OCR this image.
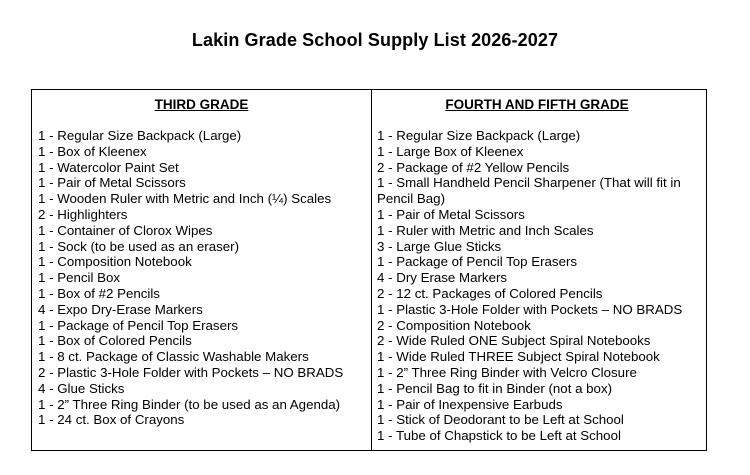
Lakin Grade School Supply List 2026-2027
THIRD GRADE
1 - Regular Size Backpack (Large)
1 - Box of Kleenex
1 - Watercolor Paint Set
1 - Pair of Metal Scissors
1 - Wooden Ruler with Metric and Inch (¼) Scales
2 - Highlighters
1 - Container of Clorox Wipes
1 - Sock (to be used as an eraser)
1 - Composition Notebook
1 - Pencil Box
1 - Box of #2 Pencils
4 - Expo Dry-Erase Markers
1 - Package of Pencil Top Erasers
1 - Box of Colored Pencils
1 - 8 ct. Package of Classic Washable Makers
2 - Plastic 3-Hole Folder with Pockets – NO BRADS
4 - Glue Sticks
1 - 2” Three Ring Binder (to be used as an Agenda)
1 - 24 ct. Box of Crayons
FOURTH AND FIFTH GRADE
1 - Regular Size Backpack (Large)
1 - Large Box of Kleenex
2 - Package of #2 Yellow Pencils
1 - Small Handheld Pencil Sharpener (That will fit in Pencil Bag)
1 - Pair of Metal Scissors
1 - Ruler with Metric and Inch Scales
3 - Large Glue Sticks
1 - Package of Pencil Top Erasers
4 - Dry Erase Markers
2 - 12 ct. Packages of Colored Pencils
1 - Plastic 3-Hole Folder with Pockets – NO BRADS
2 - Composition Notebook
2 - Wide Ruled ONE Subject Spiral Notebooks
1 - Wide Ruled THREE Subject Spiral Notebook
1 - 2” Three Ring Binder with Velcro Closure
1 - Pencil Bag to fit in Binder (not a box)
1 - Pair of Inexpensive Earbuds
1 - Stick of Deodorant to be Left at School
1 - Tube of Chapstick to be Left at School
